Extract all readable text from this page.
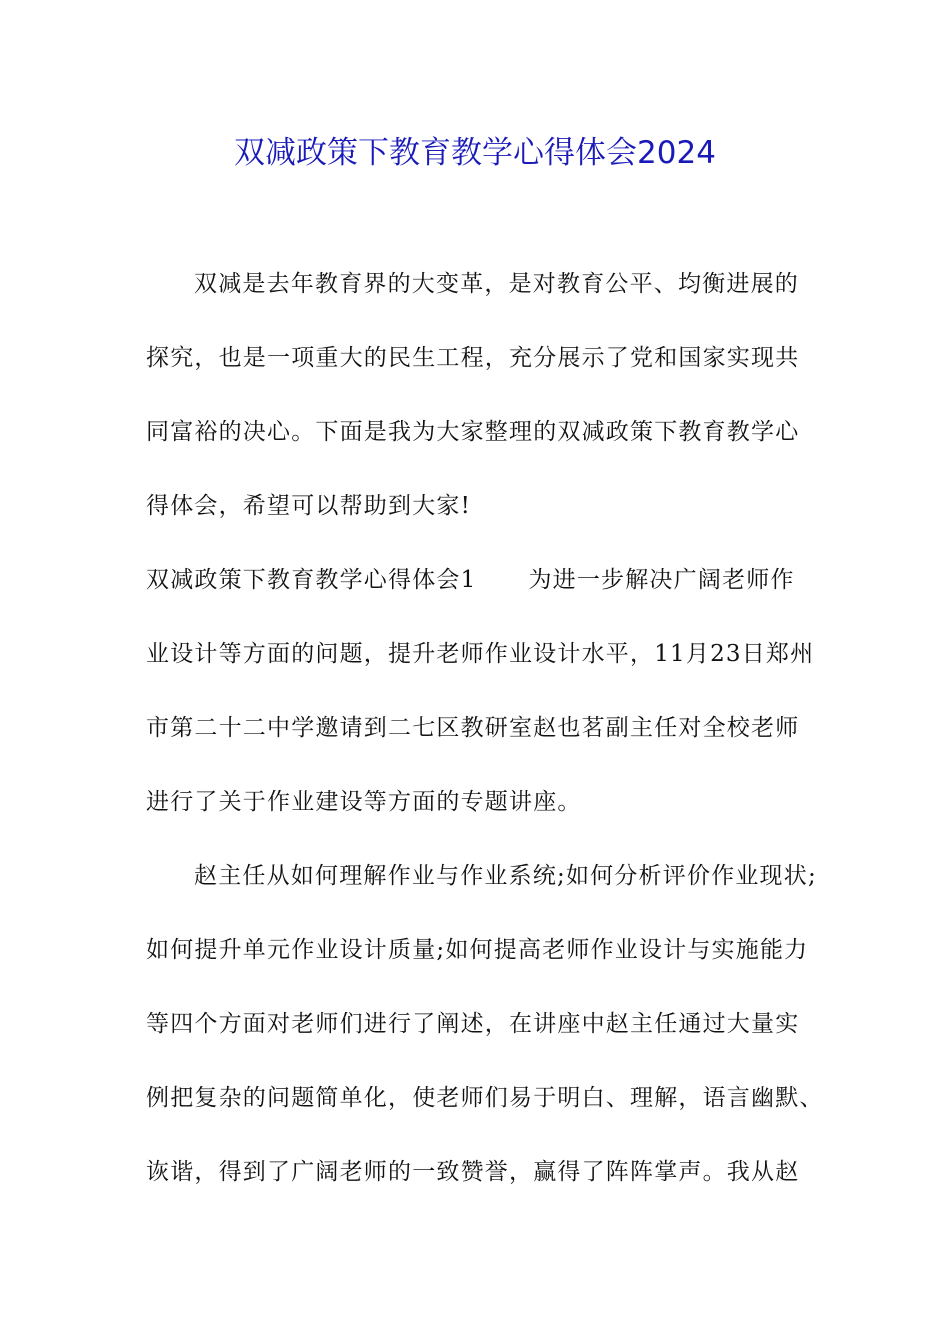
双减政策下教育教学心得体会2024
双减是去年教育界的大变革，是对教育公平、均衡进展的
探究，也是一项重大的民生工程，充分展示了党和国家实现共
同富裕的决心。下面是我为大家整理的双减政策下教育教学心
得体会，希望可以帮助到大家!
双减政策下教育教学心得体会1 为进一步解决广阔老师作
业设计等方面的问题，提升老师作业设计水平，11月23日郑州
市第二十二中学邀请到二七区教研室赵也茗副主任对全校老师
进行了关于作业建设等方面的专题讲座。
赵主任从如何理解作业与作业系统;如何分析评价作业现状;
如何提升单元作业设计质量;如何提高老师作业设计与实施能力
等四个方面对老师们进行了阐述，在讲座中赵主任通过大量实
例把复杂的问题简单化，使老师们易于明白、理解，语言幽默、
诙谐，得到了广阔老师的一致赞誉，赢得了阵阵掌声。我从赵
